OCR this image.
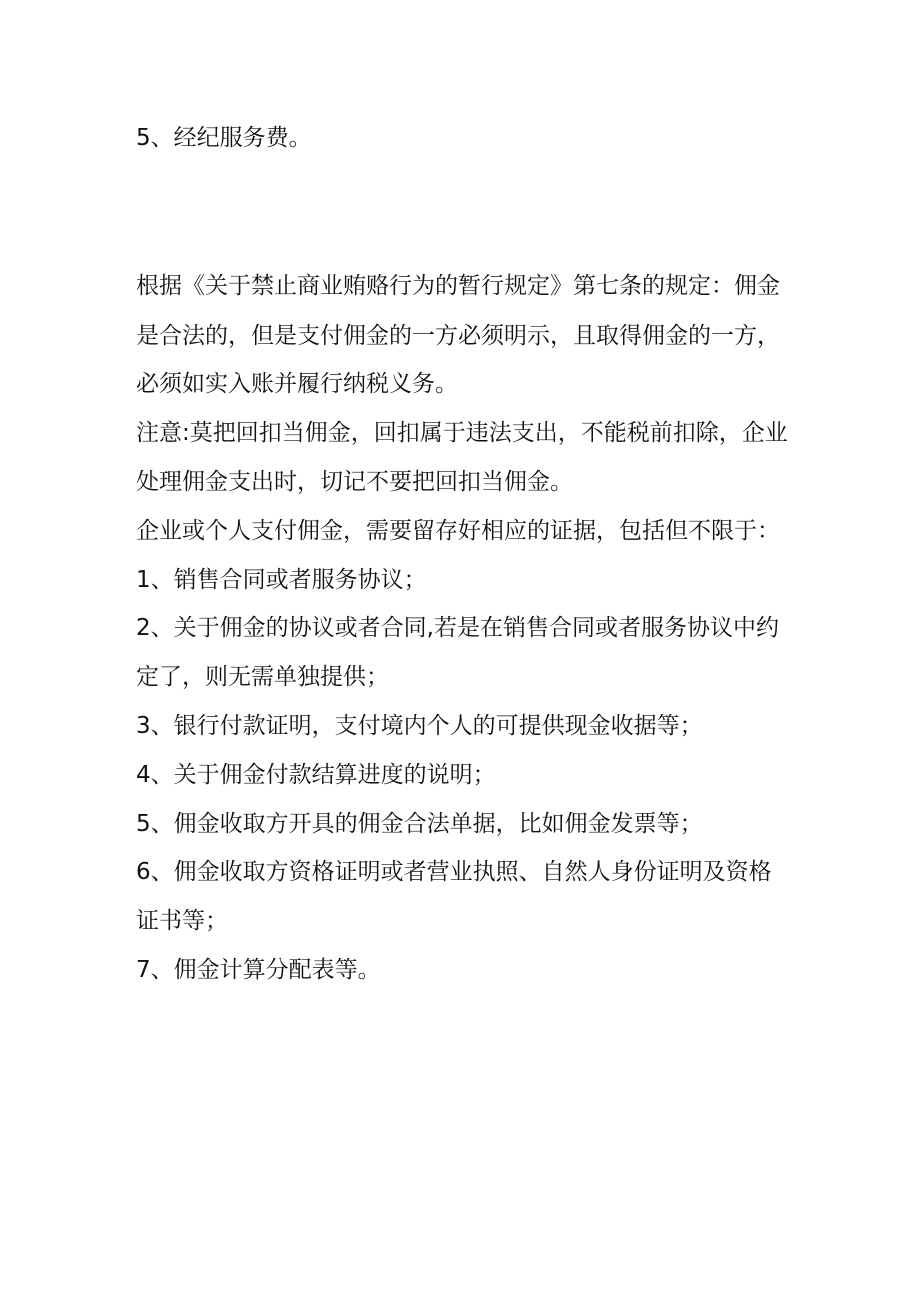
5、经纪服务费。
根据《关于禁止商业贿赂行为的暂行规定》第七条的规定：佣金
是合法的，但是支付佣金的一方必须明示，且取得佣金的一方，
必须如实入账并履行纳税义务。
注意:莫把回扣当佣金，回扣属于违法支出，不能税前扣除，企业
处理佣金支出时，切记不要把回扣当佣金。
企业或个人支付佣金，需要留存好相应的证据，包括但不限于：
1、销售合同或者服务协议；
2、关于佣金的协议或者合同,若是在销售合同或者服务协议中约
定了，则无需单独提供；
3、银行付款证明，支付境内个人的可提供现金收据等；
4、关于佣金付款结算进度的说明；
5、佣金收取方开具的佣金合法单据，比如佣金发票等；
6、佣金收取方资格证明或者营业执照、自然人身份证明及资格
证书等；
7、佣金计算分配表等。
